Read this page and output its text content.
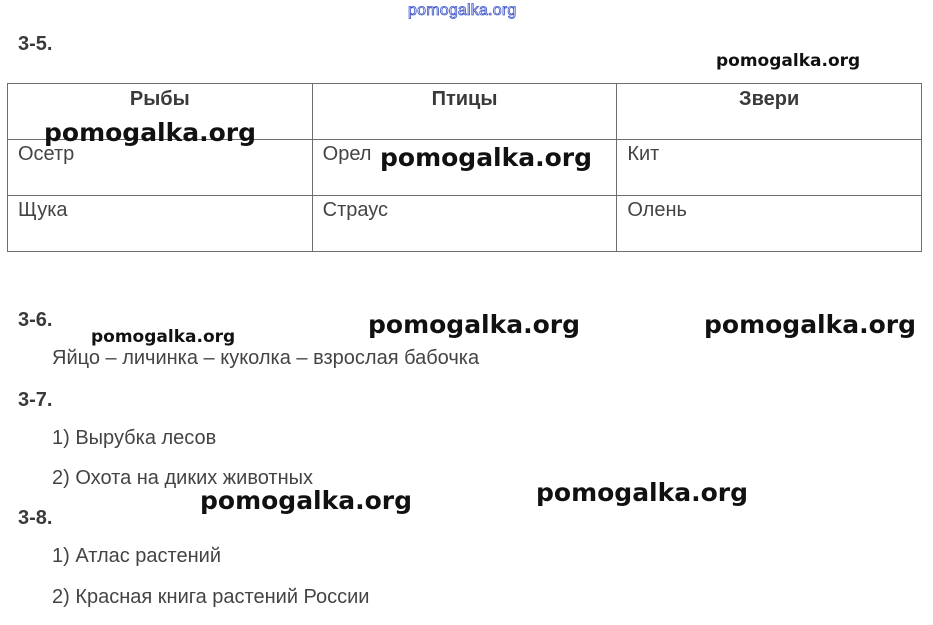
pomogalka.org
3-5.
Рыбы	Птицы	Звери
Осетр	Орел	Кит
Щука	Страус	Олень
3-6.
Яйцо – личинка – куколка – взрослая бабочка
3-7.
1) Вырубка лесов
2) Охота на диких животных
3-8.
1) Атлас растений
2) Красная книга растений России
pomogalka.org
pomogalka.org
pomogalka.org
pomogalka.org	pomogalka.org	pomogalka.org
pomogalka.org	pomogalka.org
